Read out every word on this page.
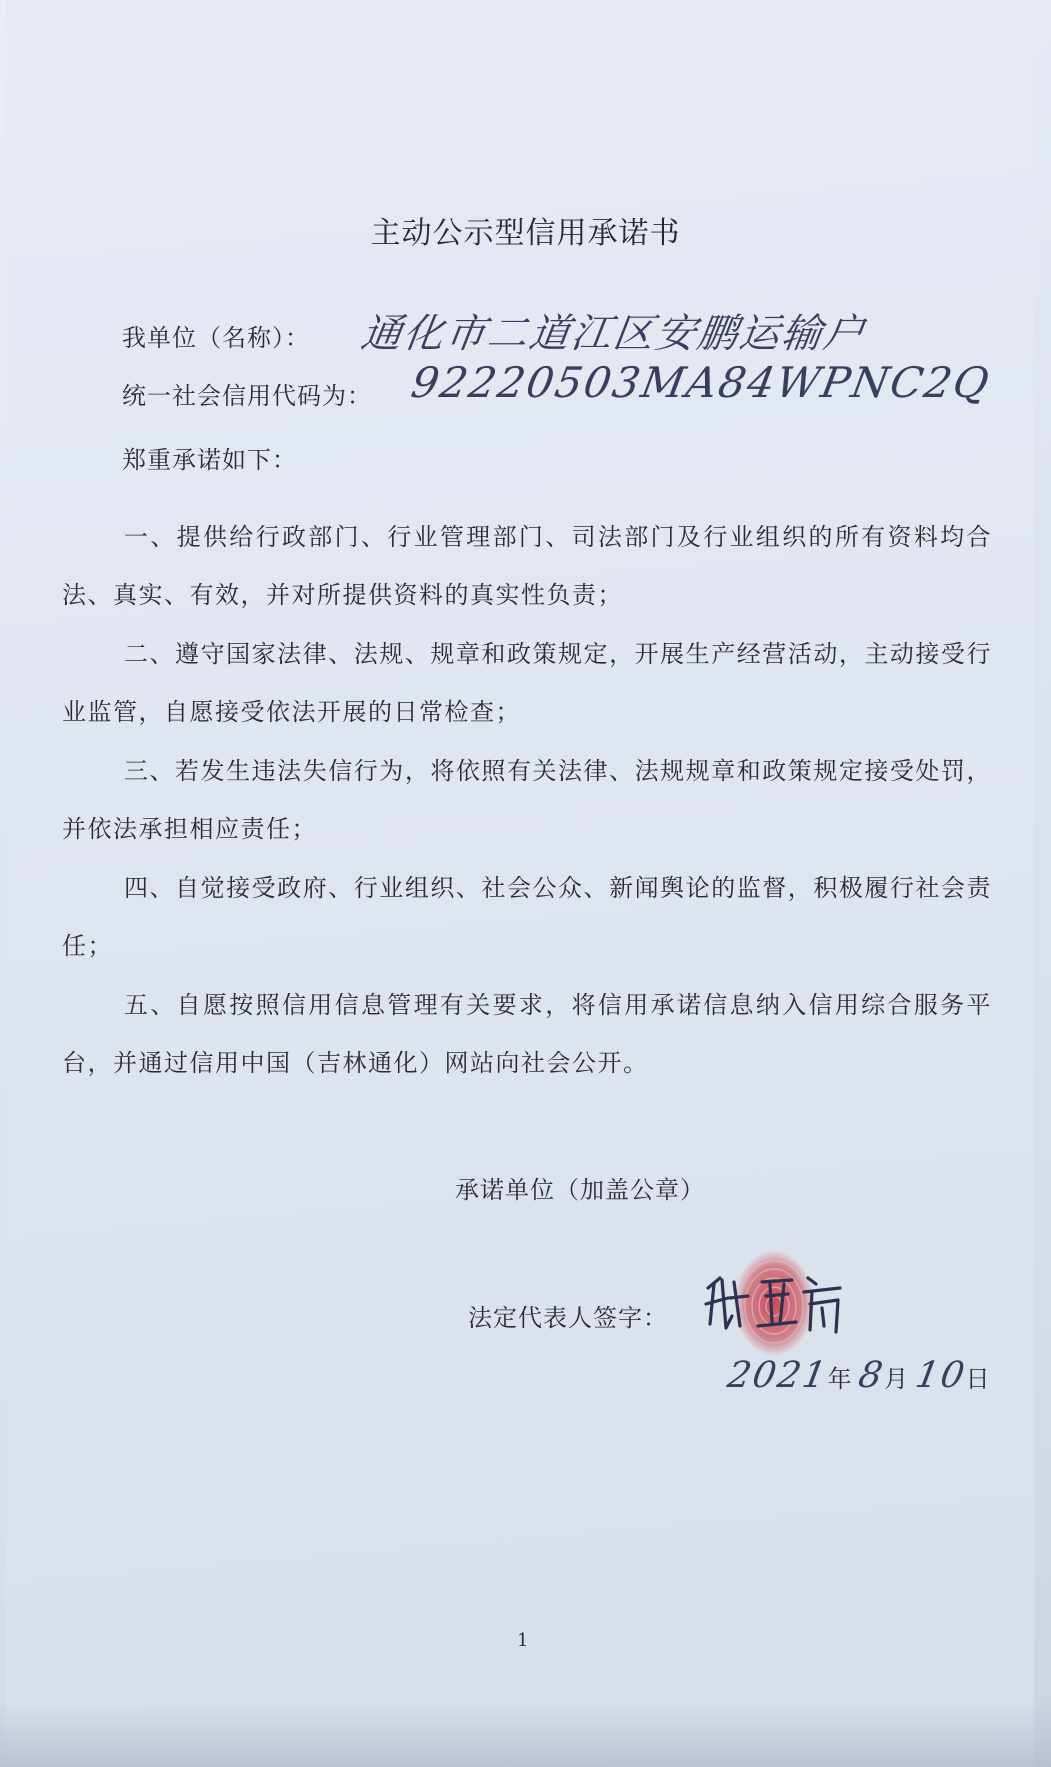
主动公示型信用承诺书
我单位（名称）： 通化市二道江区安鹏运输户
统一社会信用代码为： 92220503MA84WPNC2Q
郑重承诺如下：
一、提供给行政部门、行业管理部门、司法部门及行业组织的所有资料均合法、真实、有效，并对所提供资料的真实性负责；
二、遵守国家法律、法规、规章和政策规定，开展生产经营活动，主动接受行业监管，自愿接受依法开展的日常检查；
三、若发生违法失信行为，将依照有关法律、法规规章和政策规定接受处罚，并依法承担相应责任；
四、自觉接受政府、行业组织、社会公众、新闻舆论的监督，积极履行社会责任；
五、自愿按照信用信息管理有关要求，将信用承诺信息纳入信用综合服务平台，并通过信用中国（吉林通化）网站向社会公开。
承诺单位（加盖公章）
法定代表人签字：
2021年 8月 10日
1
